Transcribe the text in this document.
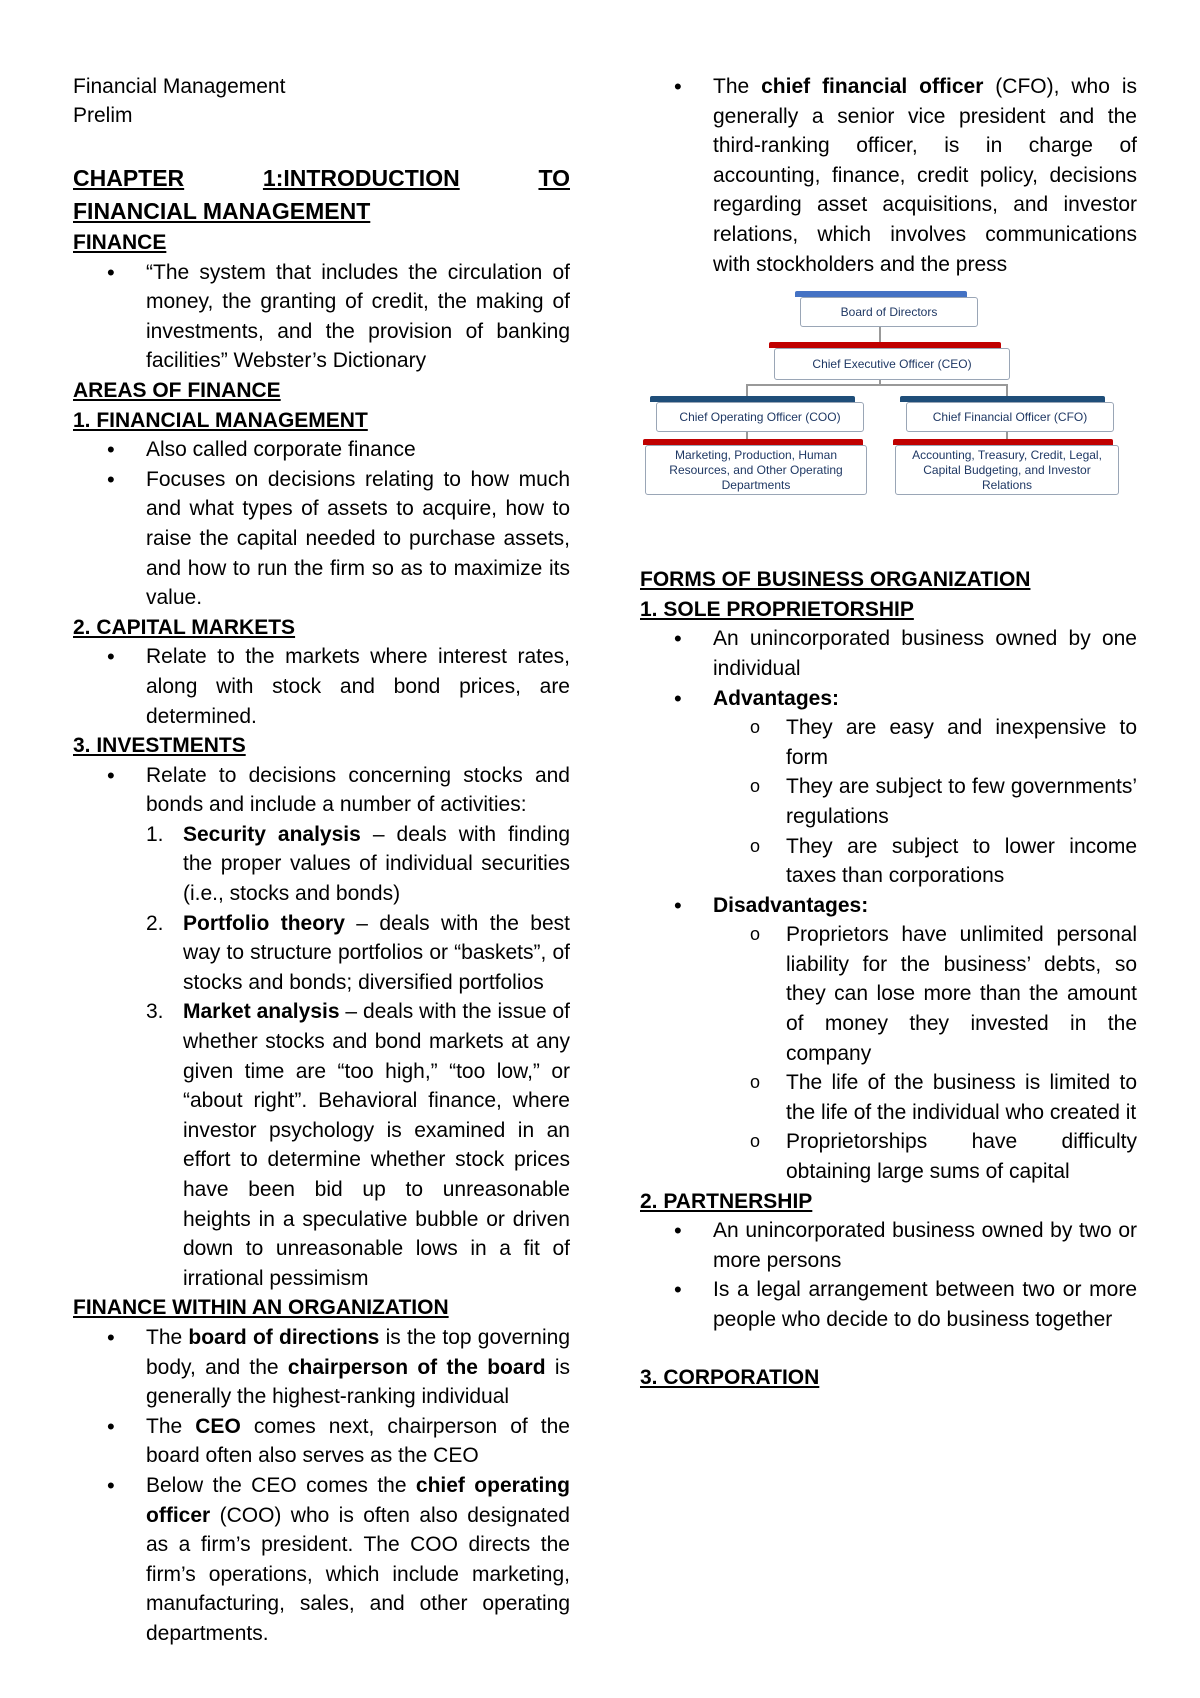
Financial Management
Prelim
CHAPTER	1:INTRODUCTION	TO
FINANCIAL MANAGEMENT
FINANCE
• “The system that includes the circulation of money, the granting of credit, the making of investments, and the provision of banking facilities” Webster’s Dictionary
AREAS OF FINANCE
1. FINANCIAL MANAGEMENT
• Also called corporate finance
• Focuses on decisions relating to how much and what types of assets to acquire, how to raise the capital needed to purchase assets, and how to run the firm so as to maximize its value.
2. CAPITAL MARKETS
• Relate to the markets where interest rates, along with stock and bond prices, are determined.
3. INVESTMENTS
• Relate to decisions concerning stocks and bonds and include a number of activities:
1. Security analysis – deals with finding the proper values of individual securities (i.e., stocks and bonds)
2. Portfolio theory – deals with the best way to structure portfolios or “baskets”, of stocks and bonds; diversified portfolios
3. Market analysis – deals with the issue of whether stocks and bond markets at any given time are “too high,” “too low,” or “about right”. Behavioral finance, where investor psychology is examined in an effort to determine whether stock prices have been bid up to unreasonable heights in a speculative bubble or driven down to unreasonable lows in a fit of irrational pessimism
FINANCE WITHIN AN ORGANIZATION
• The board of directions is the top governing body, and the chairperson of the board is generally the highest-ranking individual
• The CEO comes next, chairperson of the board often also serves as the CEO
• Below the CEO comes the chief operating officer (COO) who is often also designated as a firm’s president. The COO directs the firm’s operations, which include marketing, manufacturing, sales, and other operating departments.
• The chief financial officer (CFO), who is generally a senior vice president and the third-ranking officer, is in charge of accounting, finance, credit policy, decisions regarding asset acquisitions, and investor relations, which involves communications with stockholders and the press
Board of Directors
Chief Executive Officer (CEO)
Chief Operating Officer (COO)	Chief Financial Officer (CFO)
Marketing, Production, Human Resources, and Other Operating Departments
Accounting, Treasury, Credit, Legal, Capital Budgeting, and Investor Relations
FORMS OF BUSINESS ORGANIZATION
1. SOLE PROPRIETORSHIP
• An unincorporated business owned by one individual
• Advantages:
o They are easy and inexpensive to form
o They are subject to few governments’ regulations
o They are subject to lower income taxes than corporations
• Disadvantages:
o Proprietors have unlimited personal liability for the business’ debts, so they can lose more than the amount of money they invested in the company
o The life of the business is limited to the life of the individual who created it
o Proprietorships have difficulty obtaining large sums of capital
2. PARTNERSHIP
• An unincorporated business owned by two or more persons
• Is a legal arrangement between two or more people who decide to do business together
3. CORPORATION
